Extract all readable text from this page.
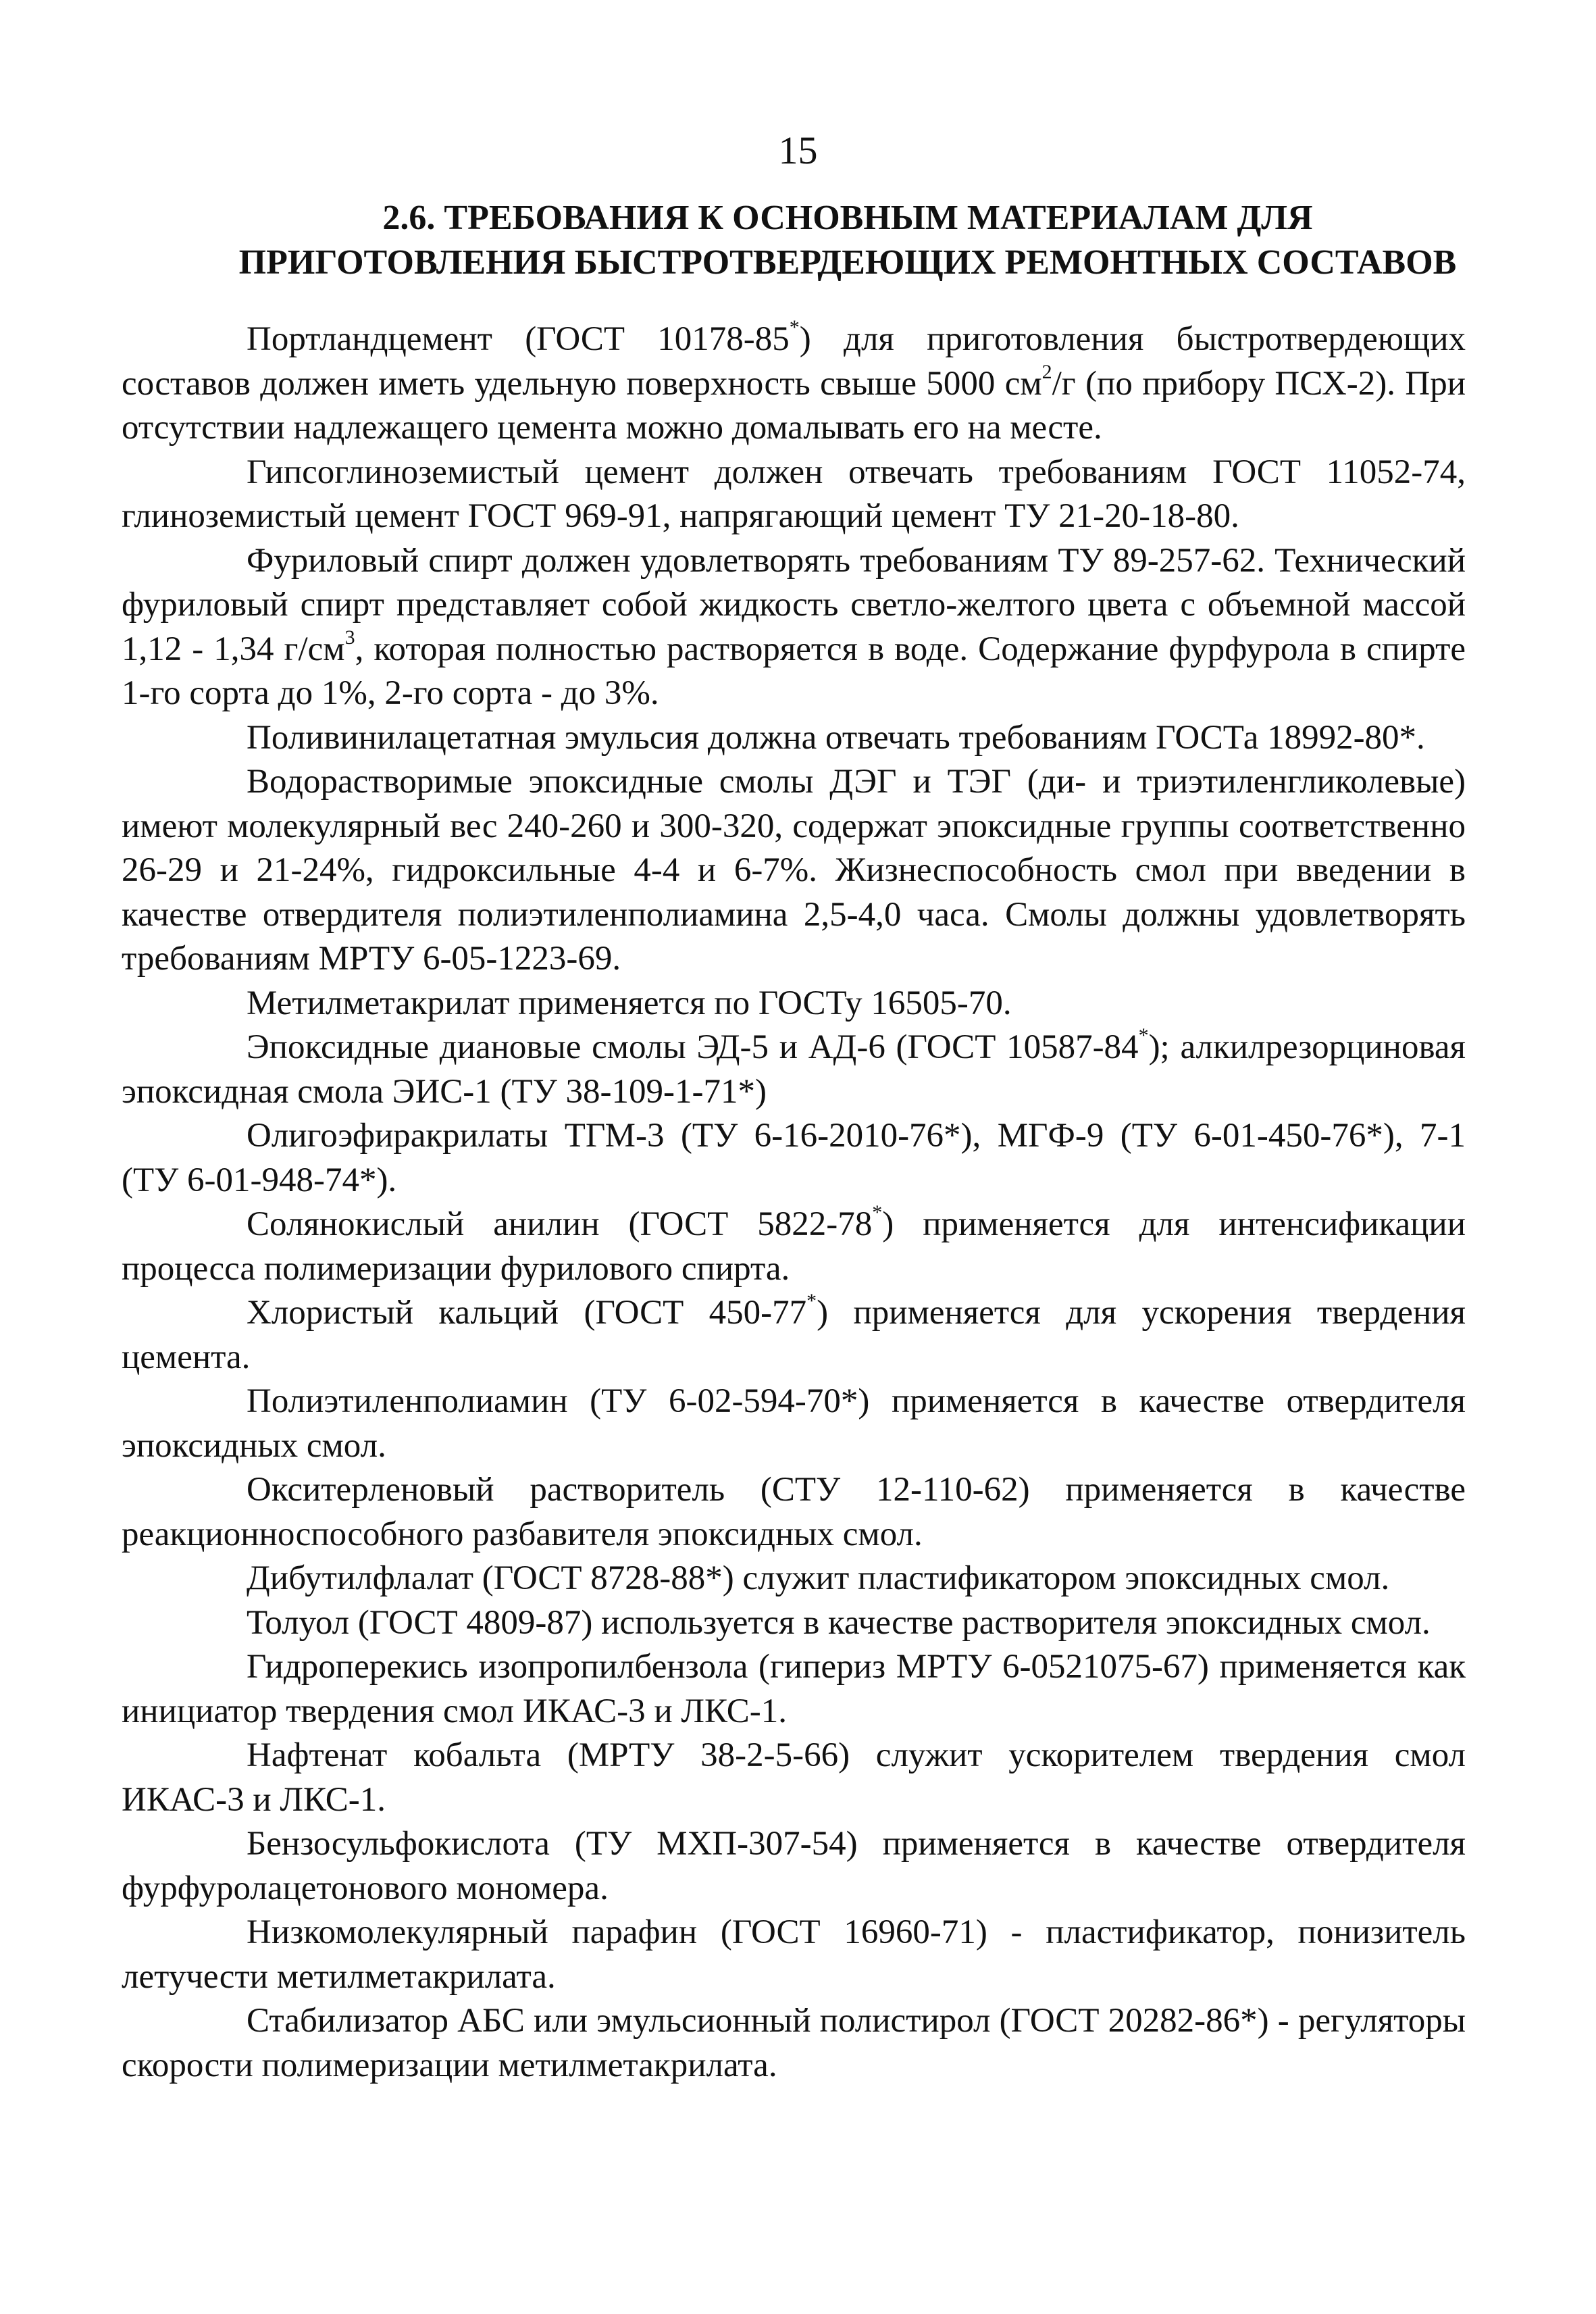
15
2.6. ТРЕБОВАНИЯ К ОСНОВНЫМ МАТЕРИАЛАМ ДЛЯ
ПРИГОТОВЛЕНИЯ БЫСТРОТВЕРДЕЮЩИХ РЕМОНТНЫХ СОСТАВОВ

Портландцемент (ГОСТ 10178-85*) для приготовления быстротвердеющих составов должен иметь удельную поверхность свыше 5000 $см^2/г$ (по прибору ПСХ-2). При отсутствии надлежащего цемента можно домалывать его на месте.

Гипсоглиноземистый цемент должен отвечать требованиям ГОСТ 11052-74, глиноземистый цемент ГОСТ 969-91, напрягающий цемент ТУ 21-20-18-80.

Фуриловый спирт должен удовлетворять требованиям ТУ 89-257-62. Технический фуриловый спирт представляет собой жидкость светло-желтого цвета с объемной массой 1,12 - 1,34 $г/см^3$, которая полностью растворяется в воде. Содержание фурфурола в спирте 1-го сорта до 1%, 2-го сорта - до 3%.

Поливинилацетатная эмульсия должна отвечать требованиям ГОСТа 18992-80*.

Водорастворимые эпоксидные смолы ДЭГ и ТЭГ (ди- и триэтиленгликолевые) имеют молекулярный вес 240-260 и 300-320, содержат эпоксидные группы соответственно 26-29 и 21-24%, гидроксильные 4-4 и 6-7%. Жизнеспособность смол при введении в качестве отвердителя полиэтиленполиамина 2,5-4,0 часа. Смолы должны удовлетворять требованиям МРТУ 6-05-1223-69.

Метилметакрилат применяется по ГОСТу 16505-70.

Эпоксидные диановые смолы ЭД-5 и АД-6 (ГОСТ 10587-84*); алкилрезорциновая эпоксидная смола ЭИС-1 (ТУ 38-109-1-71*)

Олигоэфиракрилаты ТГМ-3 (ТУ 6-16-2010-76*), МГФ-9 (ТУ 6-01-450-76*), 7-1 (ТУ 6-01-948-74*).

Солянокислый анилин (ГОСТ 5822-78*) применяется для интенсификации процесса полимеризации фурилового спирта.

Хлористый кальций (ГОСТ 450-77*) применяется для ускорения твердения цемента.

Полиэтиленполиамин (ТУ 6-02-594-70*) применяется в качестве отвердителя эпоксидных смол.

Окситерленовый растворитель (СТУ 12-110-62) применяется в качестве реакционноспособного разбавителя эпоксидных смол.

Дибутилфлалат (ГОСТ 8728-88*) служит пластификатором эпоксидных смол.

Толуол (ГОСТ 4809-87) используется в качестве растворителя эпоксидных смол.

Гидроперекись изопропилбензола (гипериз МРТУ 6-0521075-67) применяется как инициатор твердения смол ИКАС-3 и ЛКС-1.

Нафтенат кобальта (МРТУ 38-2-5-66) служит ускорителем твердения смол ИКАС-3 и ЛКС-1.

Бензосульфокислота (ТУ МХП-307-54) применяется в качестве отвердителя фурфуролацетонового мономера.

Низкомолекулярный парафин (ГОСТ 16960-71) - пластификатор, понизитель летучести метилметакрилата.

Стабилизатор АБС или эмульсионный полистирол (ГОСТ 20282-86*) - регуляторы скорости полимеризации метилметакрилата.
